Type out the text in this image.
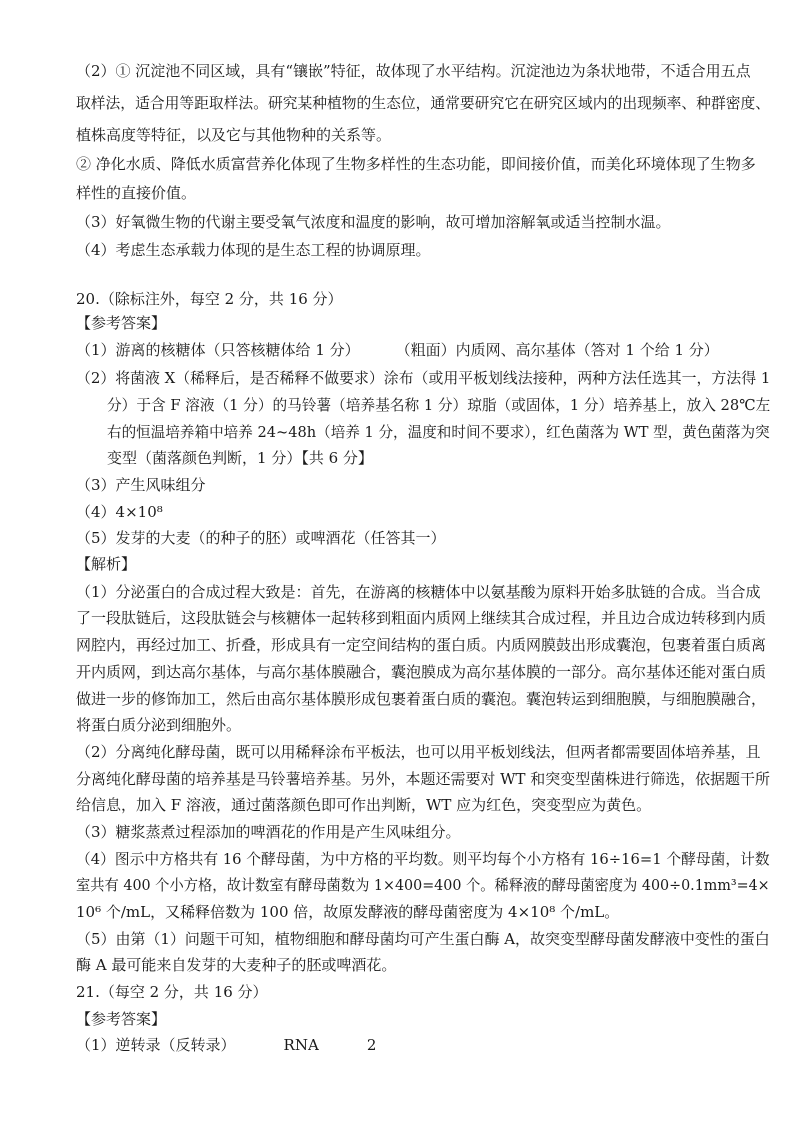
（2）① 沉淀池不同区域，具有“镶嵌”特征，故体现了水平结构。沉淀池边为条状地带，不适合用五点
取样法，适合用等距取样法。研究某种植物的生态位，通常要研究它在研究区域内的出现频率、种群密度、
植株高度等特征，以及它与其他物种的关系等。
② 净化水质、降低水质富营养化体现了生物多样性的生态功能，即间接价值，而美化环境体现了生物多
样性的直接价值。
（3）好氧微生物的代谢主要受氧气浓度和温度的影响，故可增加溶解氧或适当控制水温。
（4）考虑生态承载力体现的是生态工程的协调原理。
20.（除标注外，每空 2 分，共 16 分）
【参考答案】
（1）游离的核糖体（只答核糖体给 1 分） （粗面）内质网、高尔基体（答对 1 个给 1 分）
（2）将菌液 X（稀释后，是否稀释不做要求）涂布（或用平板划线法接种，两种方法任选其一，方法得 1
分）于含 F 溶液（1 分）的马铃薯（培养基名称 1 分）琼脂（或固体，1 分）培养基上，放入 28℃左
右的恒温培养箱中培养 24~48h（培养 1 分，温度和时间不要求），红色菌落为 WT 型，黄色菌落为突
变型（菌落颜色判断，1 分）【共 6 分】
（3）产生风味组分
（4）4×10⁸
（5）发芽的大麦（的种子的胚）或啤酒花（任答其一）
【解析】
（1）分泌蛋白的合成过程大致是：首先，在游离的核糖体中以氨基酸为原料开始多肽链的合成。当合成
了一段肽链后，这段肽链会与核糖体一起转移到粗面内质网上继续其合成过程，并且边合成边转移到内质
网腔内，再经过加工、折叠，形成具有一定空间结构的蛋白质。内质网膜鼓出形成囊泡，包裹着蛋白质离
开内质网，到达高尔基体，与高尔基体膜融合，囊泡膜成为高尔基体膜的一部分。高尔基体还能对蛋白质
做进一步的修饰加工，然后由高尔基体膜形成包裹着蛋白质的囊泡。囊泡转运到细胞膜，与细胞膜融合，
将蛋白质分泌到细胞外。
（2）分离纯化酵母菌，既可以用稀释涂布平板法，也可以用平板划线法，但两者都需要固体培养基，且
分离纯化酵母菌的培养基是马铃薯培养基。另外，本题还需要对 WT 和突变型菌株进行筛选，依据题干所
给信息，加入 F 溶液，通过菌落颜色即可作出判断，WT 应为红色，突变型应为黄色。
（3）糖浆蒸煮过程添加的啤酒花的作用是产生风味组分。
（4）图示中方格共有 16 个酵母菌，为中方格的平均数。则平均每个小方格有 16÷16=1 个酵母菌，计数
室共有 400 个小方格，故计数室有酵母菌数为 1×400=400 个。稀释液的酵母菌密度为 400÷0.1mm³=4×
10⁶ 个/mL，又稀释倍数为 100 倍，故原发酵液的酵母菌密度为 4×10⁸ 个/mL。
（5）由第（1）问题干可知，植物细胞和酵母菌均可产生蛋白酶 A，故突变型酵母菌发酵液中变性的蛋白
酶 A 最可能来自发芽的大麦种子的胚或啤酒花。
21.（每空 2 分，共 16 分）
【参考答案】
（1）逆转录（反转录）	RNA	2
